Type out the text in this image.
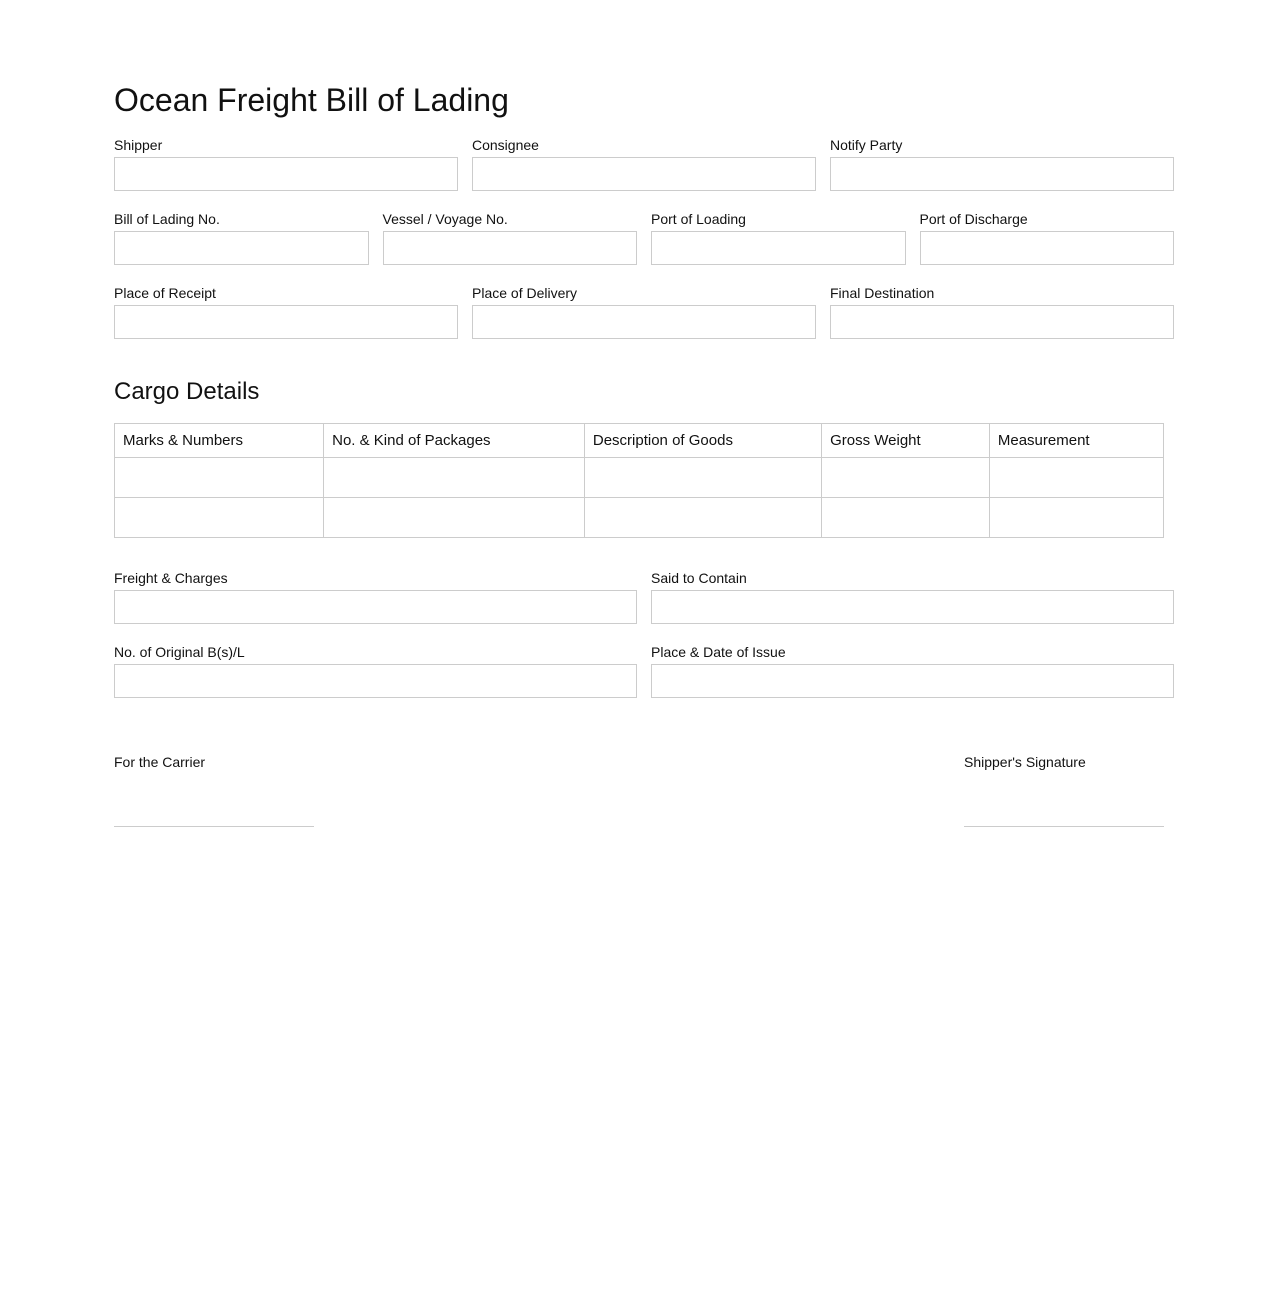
Ocean Freight Bill of Lading
Shipper	Consignee	Notify Party
Bill of Lading No.	Vessel / Voyage No.	Port of Loading	Port of Discharge
Place of Receipt	Place of Delivery	Final Destination
Cargo Details
Marks & Numbers	No. & Kind of Packages	Description of Goods	Gross Weight	Measurement

Freight & Charges	Said to Contain
No. of Original B(s)/L	Place & Date of Issue
For the Carrier	Shipper's Signature
